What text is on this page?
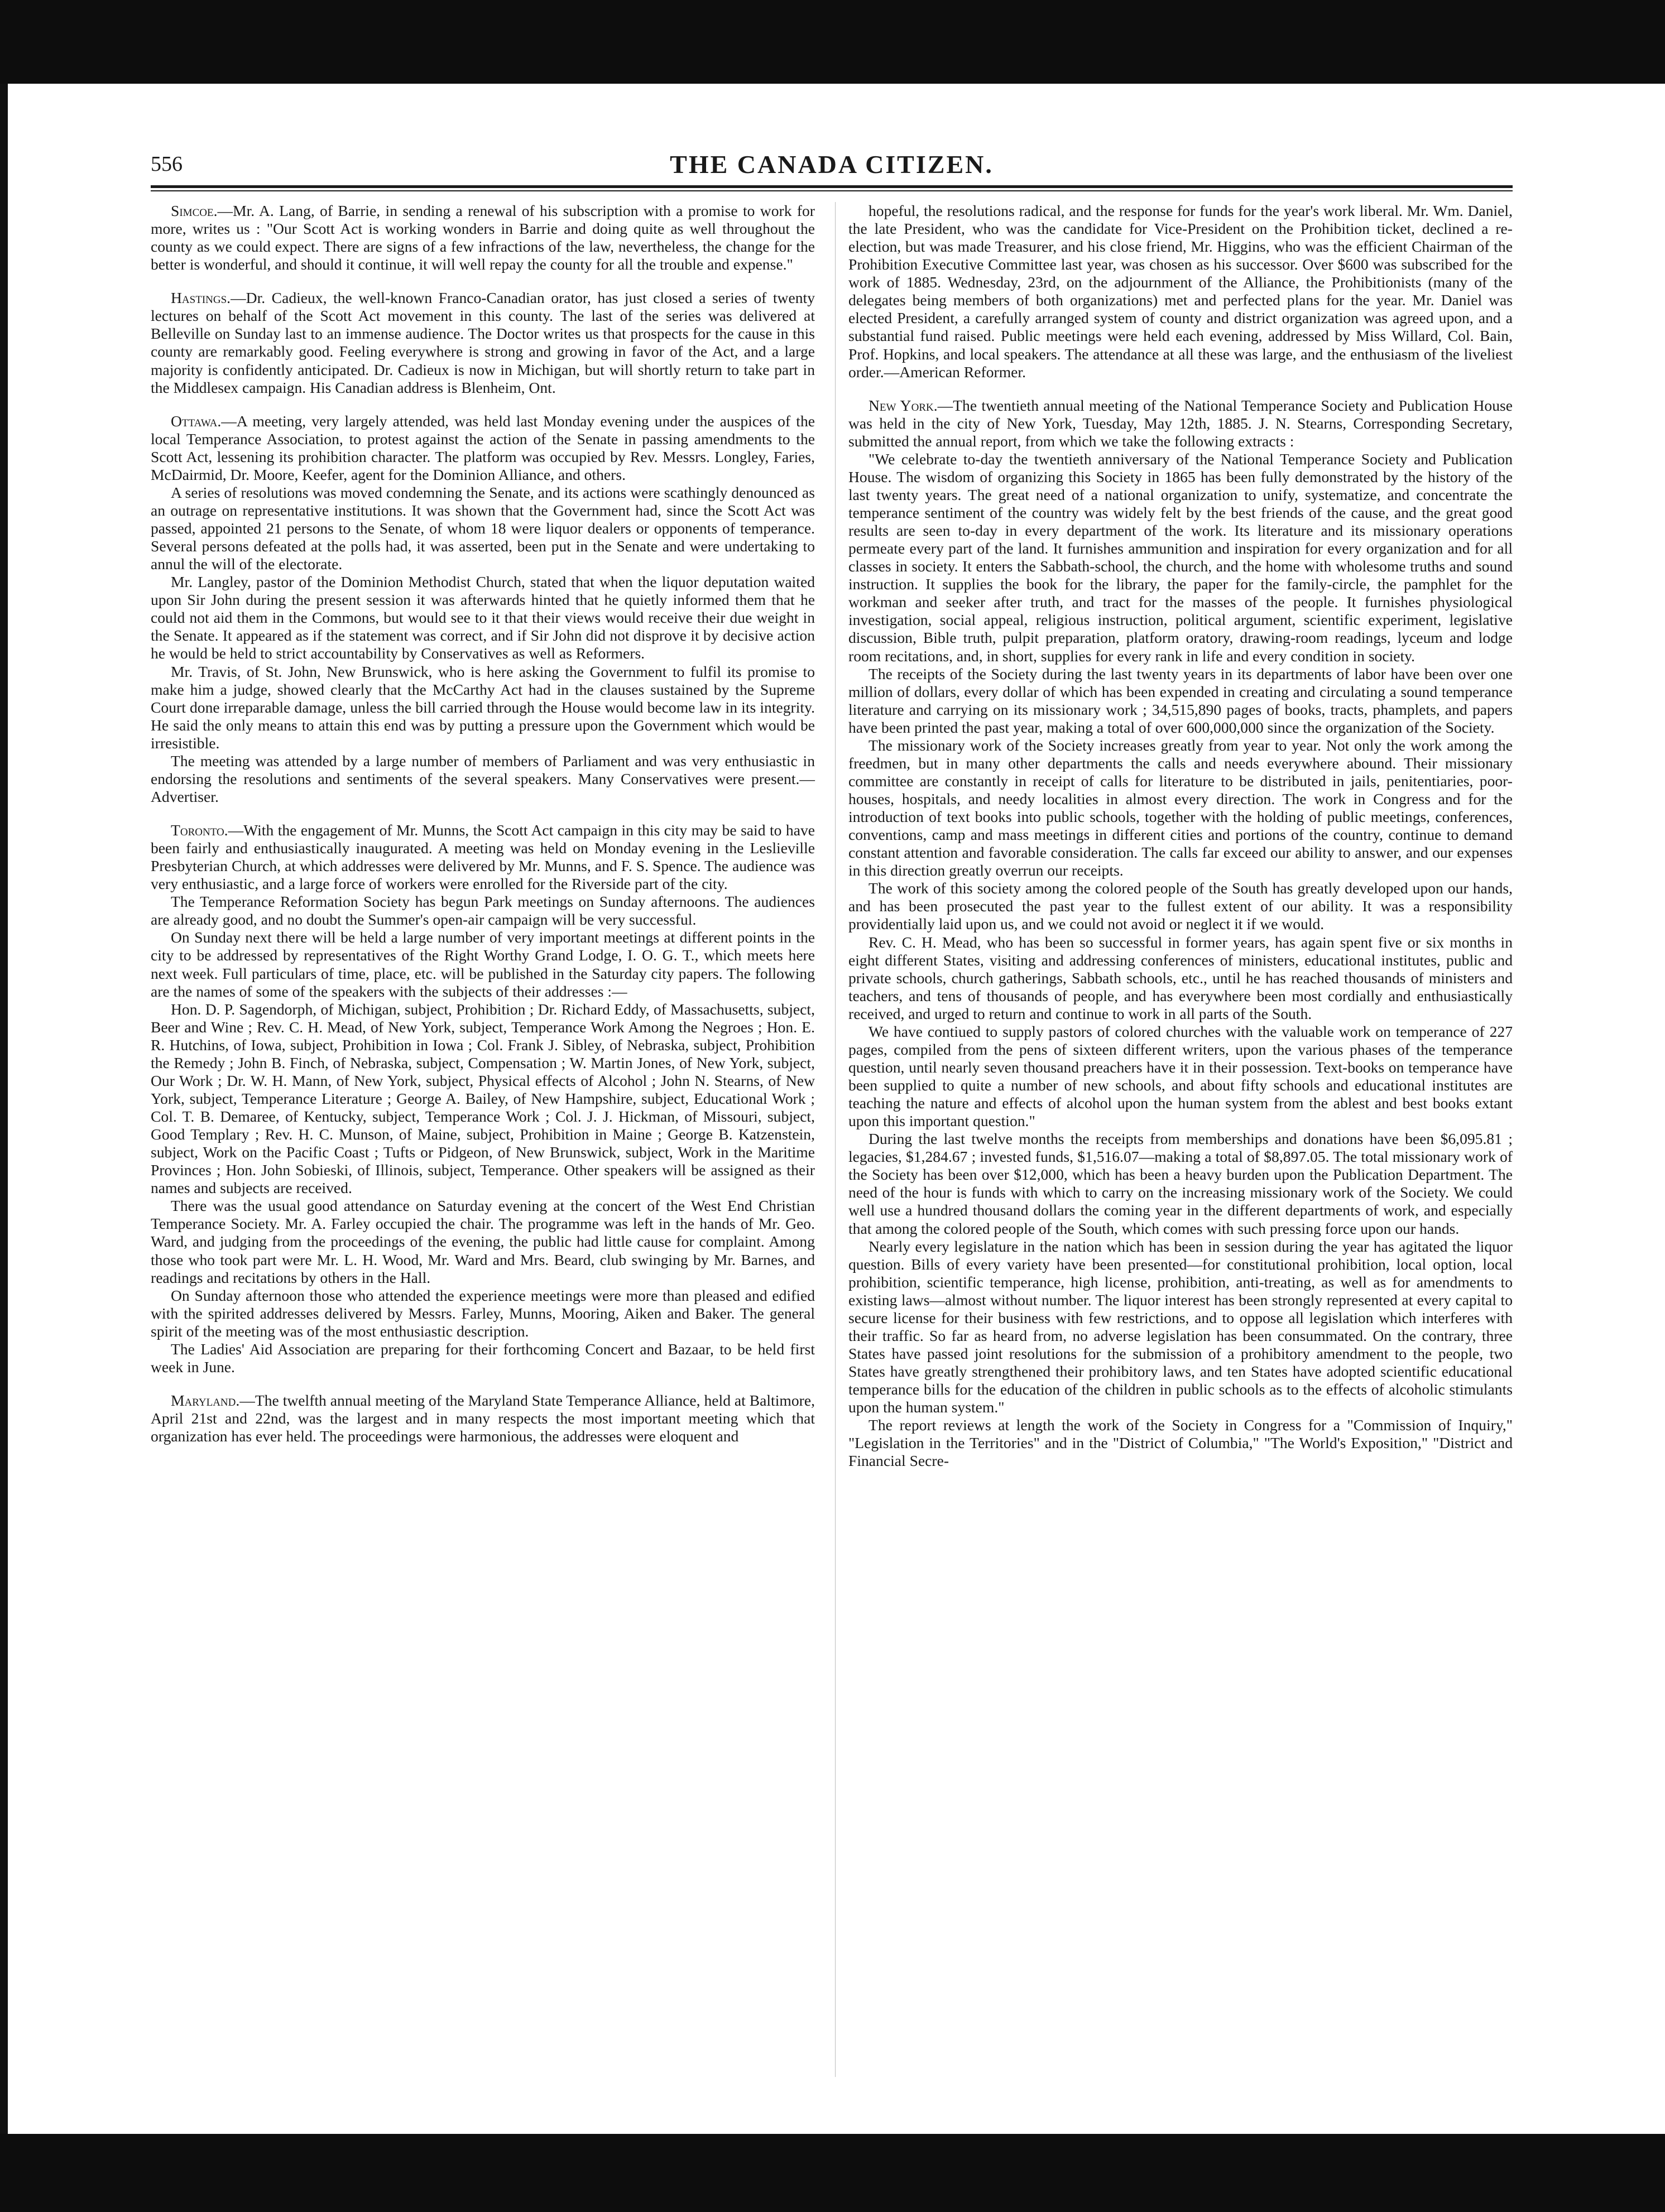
556	THE CANADA CITIZEN.

Simcoe.—Mr. A. Lang, of Barrie, in sending a renewal of his subscription with a promise to work for more, writes us : "Our Scott Act is working wonders in Barrie and doing quite as well throughout the county as we could expect. There are signs of a few infractions of the law, nevertheless, the change for the better is wonderful, and should it continue, it will well repay the county for all the trouble and expense."

Hastings.—Dr. Cadieux, the well-known Franco-Canadian orator, has just closed a series of twenty lectures on behalf of the Scott Act movement in this county. The last of the series was delivered at Belleville on Sunday last to an immense audience. The Doctor writes us that prospects for the cause in this county are remarkably good. Feeling everywhere is strong and growing in favor of the Act, and a large majority is confidently anticipated. Dr. Cadieux is now in Michigan, but will shortly return to take part in the Middlesex campaign. His Canadian address is Blenheim, Ont.

Ottawa.—A meeting, very largely attended, was held last Monday evening under the auspices of the local Temperance Association, to protest against the action of the Senate in passing amendments to the Scott Act, lessening its prohibition character. The platform was occupied by Rev. Messrs. Longley, Faries, McDairmid, Dr. Moore, Keefer, agent for the Dominion Alliance, and others.

A series of resolutions was moved condemning the Senate, and its actions were scathingly denounced as an outrage on representative institutions. It was shown that the Government had, since the Scott Act was passed, appointed 21 persons to the Senate, of whom 18 were liquor dealers or opponents of temperance. Several persons defeated at the polls had, it was asserted, been put in the Senate and were undertaking to annul the will of the electorate.

Mr. Langley, pastor of the Dominion Methodist Church, stated that when the liquor deputation waited upon Sir John during the present session it was afterwards hinted that he quietly informed them that he could not aid them in the Commons, but would see to it that their views would receive their due weight in the Senate. It appeared as if the statement was correct, and if Sir John did not disprove it by decisive action he would be held to strict accountability by Conservatives as well as Reformers.

Mr. Travis, of St. John, New Brunswick, who is here asking the Government to fulfil its promise to make him a judge, showed clearly that the McCarthy Act had in the clauses sustained by the Supreme Court done irreparable damage, unless the bill carried through the House would become law in its integrity. He said the only means to attain this end was by putting a pressure upon the Government which would be irresistible.

The meeting was attended by a large number of members of Parliament and was very enthusiastic in endorsing the resolutions and sentiments of the several speakers. Many Conservatives were present.—Advertiser.

Toronto.—With the engagement of Mr. Munns, the Scott Act campaign in this city may be said to have been fairly and enthusiastically inaugurated. A meeting was held on Monday evening in the Leslieville Presbyterian Church, at which addresses were delivered by Mr. Munns, and F. S. Spence. The audience was very enthusiastic, and a large force of workers were enrolled for the Riverside part of the city.

The Temperance Reformation Society has begun Park meetings on Sunday afternoons. The audiences are already good, and no doubt the Summer's open-air campaign will be very successful.

On Sunday next there will be held a large number of very important meetings at different points in the city to be addressed by representatives of the Right Worthy Grand Lodge, I. O. G. T., which meets here next week. Full particulars of time, place, etc. will be published in the Saturday city papers. The following are the names of some of the speakers with the subjects of their addresses :—

Hon. D. P. Sagendorph, of Michigan, subject, Prohibition ; Dr. Richard Eddy, of Massachusetts, subject, Beer and Wine ; Rev. C. H. Mead, of New York, subject, Temperance Work Among the Negroes ; Hon. E. R. Hutchins, of Iowa, subject, Prohibition in Iowa ; Col. Frank J. Sibley, of Nebraska, subject, Prohibition the Remedy ; John B. Finch, of Nebraska, subject, Compensation ; W. Martin Jones, of New York, subject, Our Work ; Dr. W. H. Mann, of New York, subject, Physical effects of Alcohol ; John N. Stearns, of New York, subject, Temperance Literature ; George A. Bailey, of New Hampshire, subject, Educational Work ; Col. T. B. Demaree, of Kentucky, subject, Temperance Work ; Col. J. J. Hickman, of Missouri, subject, Good Templary ; Rev. H. C. Munson, of Maine, subject, Prohibition in Maine ; George B. Katzenstein, subject, Work on the Pacific Coast ; Tufts or Pidgeon, of New Brunswick, subject, Work in the Maritime Provinces ; Hon. John Sobieski, of Illinois, subject, Temperance. Other speakers will be assigned as their names and subjects are received.

There was the usual good attendance on Saturday evening at the concert of the West End Christian Temperance Society. Mr. A. Farley occupied the chair. The programme was left in the hands of Mr. Geo. Ward, and judging from the proceedings of the evening, the public had little cause for complaint. Among those who took part were Mr. L. H. Wood, Mr. Ward and Mrs. Beard, club swinging by Mr. Barnes, and readings and recitations by others in the Hall.

On Sunday afternoon those who attended the experience meetings were more than pleased and edified with the spirited addresses delivered by Messrs. Farley, Munns, Mooring, Aiken and Baker. The general spirit of the meeting was of the most enthusiastic description.

The Ladies' Aid Association are preparing for their forthcoming Concert and Bazaar, to be held first week in June.

Maryland.—The twelfth annual meeting of the Maryland State Temperance Alliance, held at Baltimore, April 21st and 22nd, was the largest and in many respects the most important meeting which that organization has ever held. The proceedings were harmonious, the addresses were eloquent and

hopeful, the resolutions radical, and the response for funds for the year's work liberal. Mr. Wm. Daniel, the late President, who was the candidate for Vice-President on the Prohibition ticket, declined a re-election, but was made Treasurer, and his close friend, Mr. Higgins, who was the efficient Chairman of the Prohibition Executive Committee last year, was chosen as his successor. Over $600 was subscribed for the work of 1885. Wednesday, 23rd, on the adjournment of the Alliance, the Prohibitionists (many of the delegates being members of both organizations) met and perfected plans for the year. Mr. Daniel was elected President, a carefully arranged system of county and district organization was agreed upon, and a substantial fund raised. Public meetings were held each evening, addressed by Miss Willard, Col. Bain, Prof. Hopkins, and local speakers. The attendance at all these was large, and the enthusiasm of the liveliest order.—American Reformer.

New York.—The twentieth annual meeting of the National Temperance Society and Publication House was held in the city of New York, Tuesday, May 12th, 1885. J. N. Stearns, Corresponding Secretary, submitted the annual report, from which we take the following extracts :

"We celebrate to-day the twentieth anniversary of the National Temperance Society and Publication House. The wisdom of organizing this Society in 1865 has been fully demonstrated by the history of the last twenty years. The great need of a national organization to unify, systematize, and concentrate the temperance sentiment of the country was widely felt by the best friends of the cause, and the great good results are seen to-day in every department of the work. Its literature and its missionary operations permeate every part of the land. It furnishes ammunition and inspiration for every organization and for all classes in society. It enters the Sabbath-school, the church, and the home with wholesome truths and sound instruction. It supplies the book for the library, the paper for the family-circle, the pamphlet for the workman and seeker after truth, and tract for the masses of the people. It furnishes physiological investigation, social appeal, religious instruction, political argument, scientific experiment, legislative discussion, Bible truth, pulpit preparation, platform oratory, drawing-room readings, lyceum and lodge room recitations, and, in short, supplies for every rank in life and every condition in society.

The receipts of the Society during the last twenty years in its departments of labor have been over one million of dollars, every dollar of which has been expended in creating and circulating a sound temperance literature and carrying on its missionary work ; 34,515,890 pages of books, tracts, phamplets, and papers have been printed the past year, making a total of over 600,000,000 since the organization of the Society.

The missionary work of the Society increases greatly from year to year. Not only the work among the freedmen, but in many other departments the calls and needs everywhere abound. Their missionary committee are constantly in receipt of calls for literature to be distributed in jails, penitentiaries, poor-houses, hospitals, and needy localities in almost every direction. The work in Congress and for the introduction of text books into public schools, together with the holding of public meetings, conferences, conventions, camp and mass meetings in different cities and portions of the country, continue to demand constant attention and favorable consideration. The calls far exceed our ability to answer, and our expenses in this direction greatly overrun our receipts.

The work of this society among the colored people of the South has greatly developed upon our hands, and has been prosecuted the past year to the fullest extent of our ability. It was a responsibility providentially laid upon us, and we could not avoid or neglect it if we would.

Rev. C. H. Mead, who has been so successful in former years, has again spent five or six months in eight different States, visiting and addressing conferences of ministers, educational institutes, public and private schools, church gatherings, Sabbath schools, etc., until he has reached thousands of ministers and teachers, and tens of thousands of people, and has everywhere been most cordially and enthusiastically received, and urged to return and continue to work in all parts of the South.

We have contiued to supply pastors of colored churches with the valuable work on temperance of 227 pages, compiled from the pens of sixteen different writers, upon the various phases of the temperance question, until nearly seven thousand preachers have it in their possession. Text-books on temperance have been supplied to quite a number of new schools, and about fifty schools and educational institutes are teaching the nature and effects of alcohol upon the human system from the ablest and best books extant upon this important question."

During the last twelve months the receipts from memberships and donations have been $6,095.81 ; legacies, $1,284.67 ; invested funds, $1,516.07—making a total of $8,897.05. The total missionary work of the Society has been over $12,000, which has been a heavy burden upon the Publication Department. The need of the hour is funds with which to carry on the increasing missionary work of the Society. We could well use a hundred thousand dollars the coming year in the different departments of work, and especially that among the colored people of the South, which comes with such pressing force upon our hands.

Nearly every legislature in the nation which has been in session during the year has agitated the liquor question. Bills of every variety have been presented—for constitutional prohibition, local option, local prohibition, scientific temperance, high license, prohibition, anti-treating, as well as for amendments to existing laws—almost without number. The liquor interest has been strongly represented at every capital to secure license for their business with few restrictions, and to oppose all legislation which interferes with their traffic. So far as heard from, no adverse legislation has been consummated. On the contrary, three States have passed joint resolutions for the submission of a prohibitory amendment to the people, two States have greatly strengthened their prohibitory laws, and ten States have adopted scientific educational temperance bills for the education of the children in public schools as to the effects of alcoholic stimulants upon the human system."

The report reviews at length the work of the Society in Congress for a "Commission of Inquiry," "Legislation in the Territories" and in the "District of Columbia," "The World's Exposition," "District and Financial Secre-
